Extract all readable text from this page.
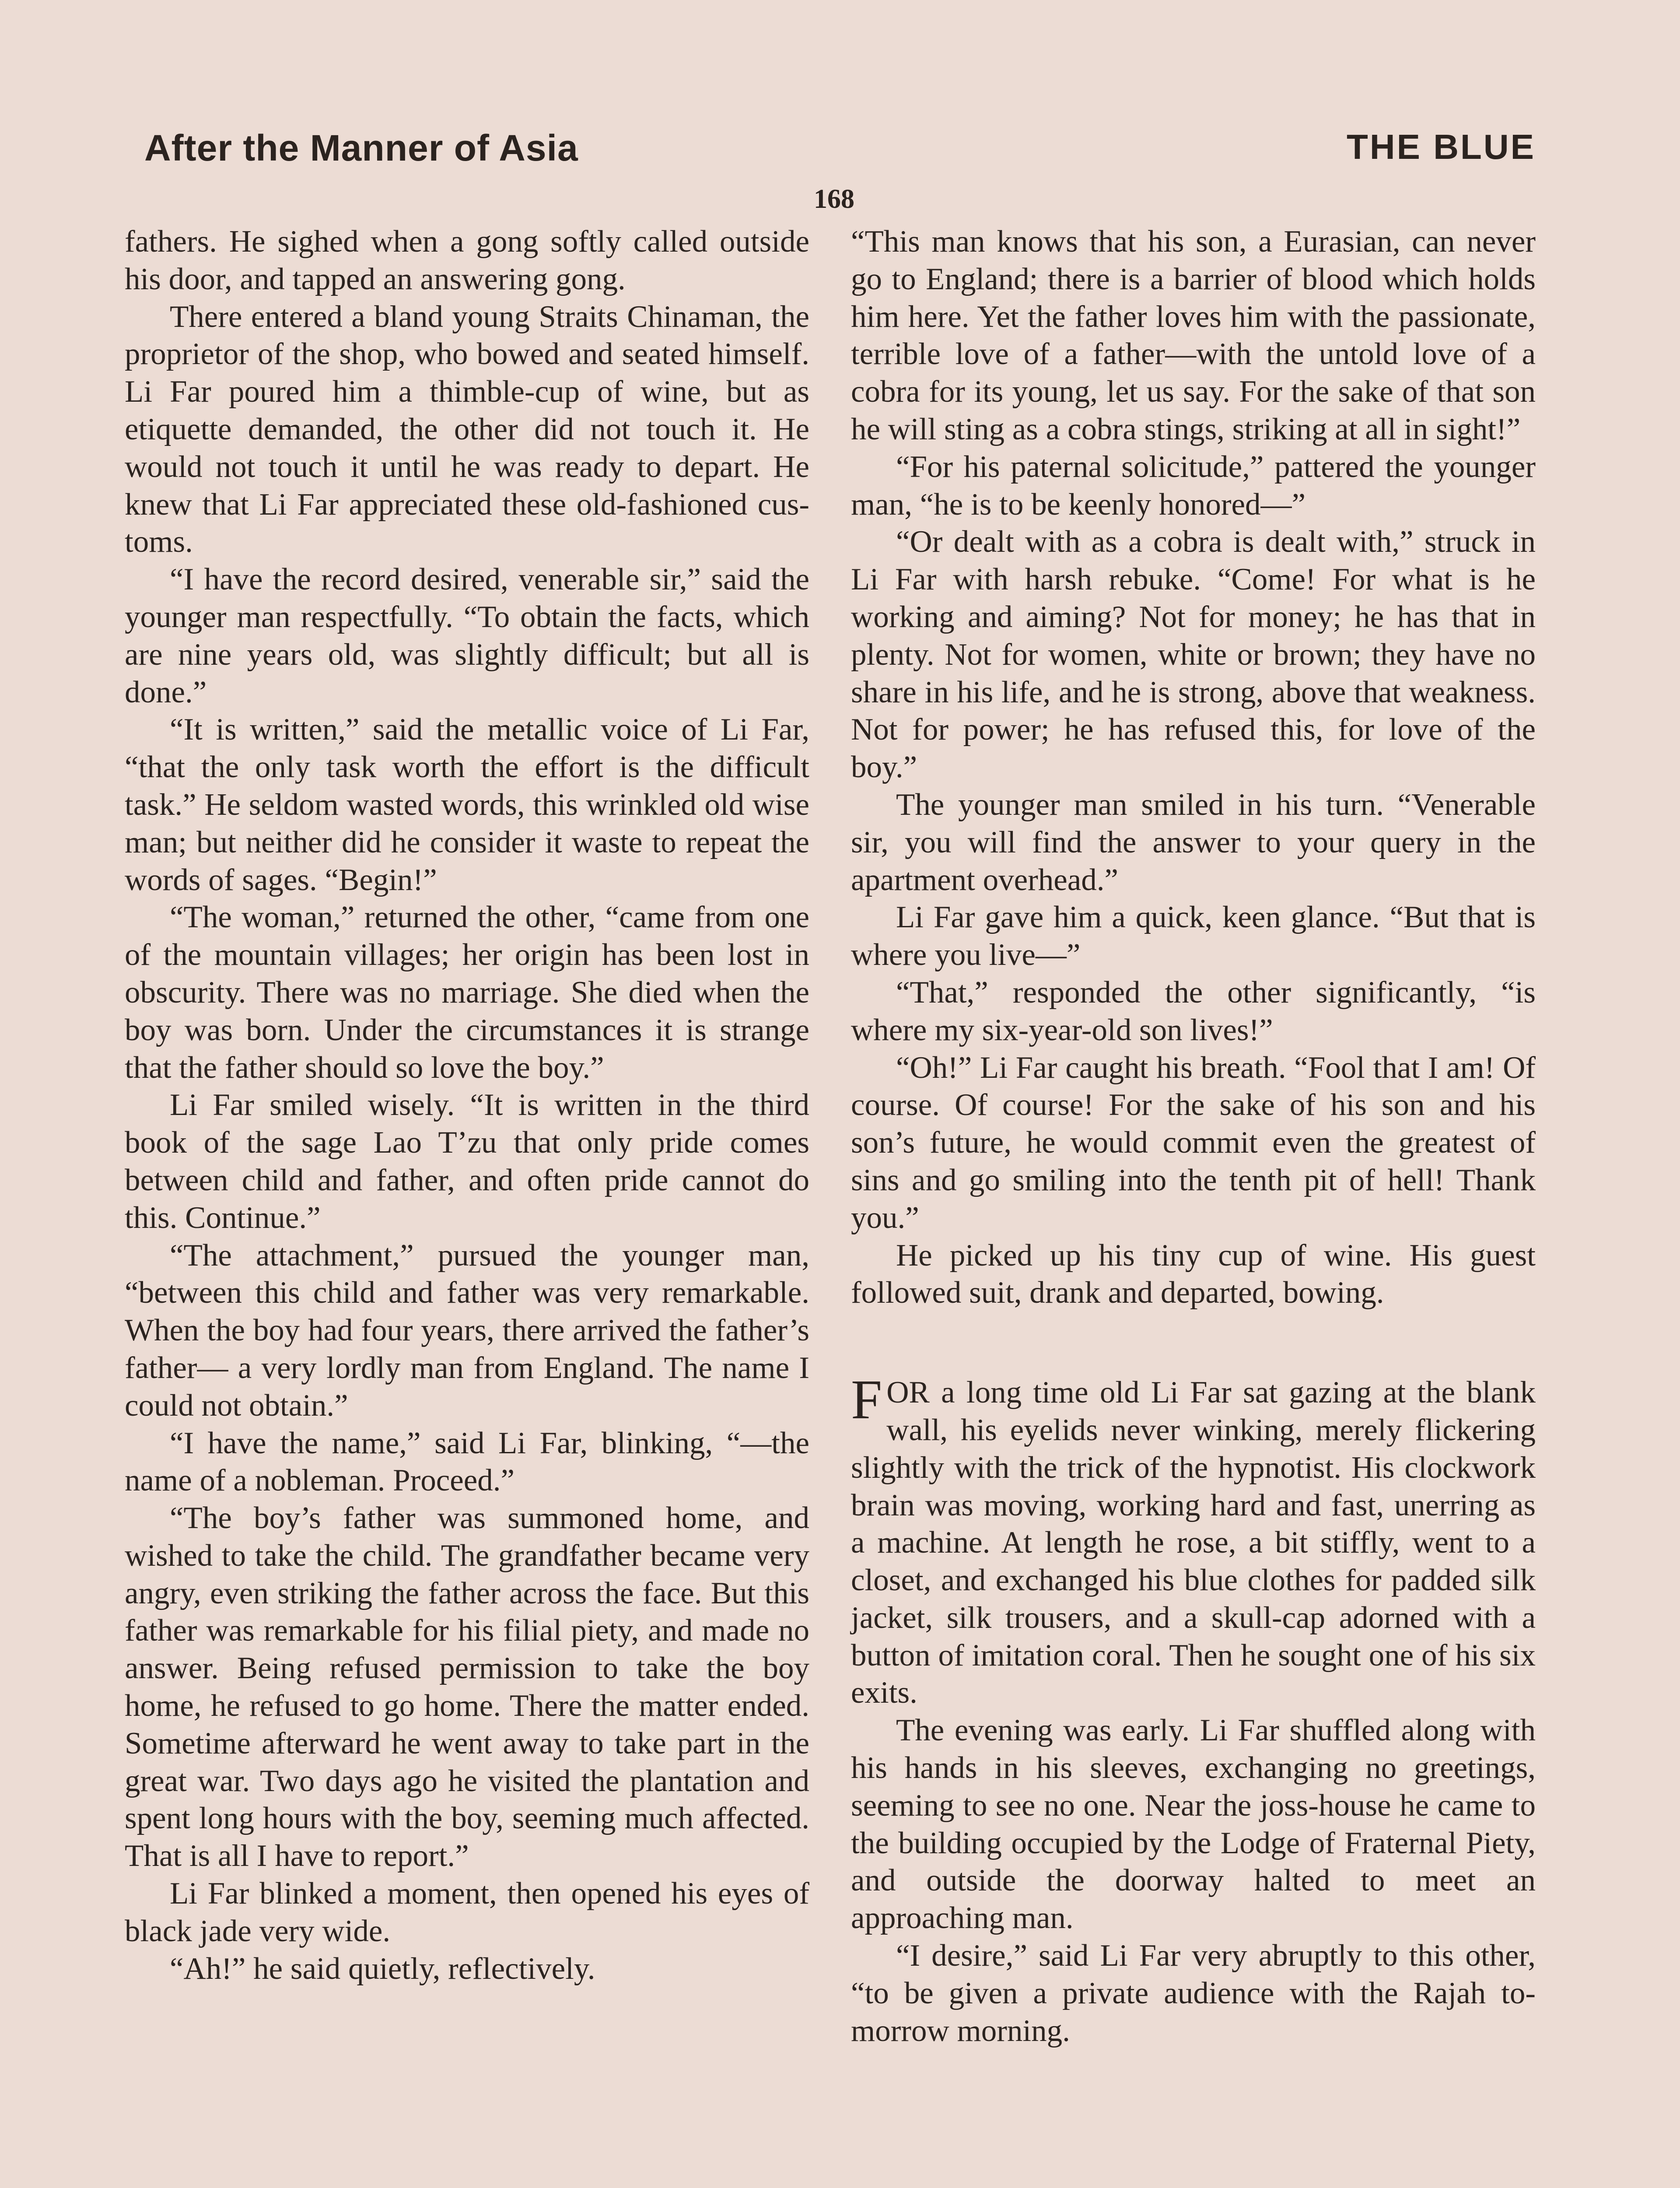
After the Manner of Asia	THE BLUE
168

fathers. He sighed when a gong softly called outside his door, and tapped an answering gong.

There entered a bland young Straits Chinaman, the proprietor of the shop, who bowed and seated himself. Li Far poured him a thimble-cup of wine, but as etiquette demanded, the other did not touch it. He would not touch it until he was ready to depart. He knew that Li Far appreciated these old-fashioned customs.

“I have the record desired, venerable sir,” said the younger man respectfully. “To obtain the facts, which are nine years old, was slightly difficult; but all is done.”

“It is written,” said the metallic voice of Li Far, “that the only task worth the effort is the difficult task.” He seldom wasted words, this wrinkled old wise man; but neither did he consider it waste to repeat the words of sages. “Begin!”

“The woman,” returned the other, “came from one of the mountain villages; her origin has been lost in obscurity. There was no marriage. She died when the boy was born. Under the circumstances it is strange that the father should so love the boy.”

Li Far smiled wisely. “It is written in the third book of the sage Lao T’zu that only pride comes between child and father, and often pride cannot do this. Continue.”

“The attachment,” pursued the younger man, “between this child and father was very remarkable. When the boy had four years, there arrived the father’s father— a very lordly man from England. The name I could not obtain.”

“I have the name,” said Li Far, blinking, “—the name of a nobleman. Proceed.”

“The boy’s father was summoned home, and wished to take the child. The grandfather became very angry, even striking the father across the face. But this father was remarkable for his filial piety, and made no answer. Being refused permission to take the boy home, he refused to go home. There the matter ended. Sometime afterward he went away to take part in the great war. Two days ago he visited the plantation and spent long hours with the boy, seeming much affected. That is all I have to report.”

Li Far blinked a moment, then opened his eyes of black jade very wide.

“Ah!” he said quietly, reflectively.

“This man knows that his son, a Eurasian, can never go to England; there is a barrier of blood which holds him here. Yet the father loves him with the passionate, terrible love of a father—with the untold love of a cobra for its young, let us say. For the sake of that son he will sting as a cobra stings, striking at all in sight!”

“For his paternal solicitude,” pattered the younger man, “he is to be keenly honored—”

“Or dealt with as a cobra is dealt with,” struck in Li Far with harsh rebuke. “Come! For what is he working and aiming? Not for money; he has that in plenty. Not for women, white or brown; they have no share in his life, and he is strong, above that weakness. Not for power; he has refused this, for love of the boy.”

The younger man smiled in his turn. “Venerable sir, you will find the answer to your query in the apartment overhead.”

Li Far gave him a quick, keen glance. “But that is where you live—”

“That,” responded the other significantly, “is where my six-year-old son lives!”

“Oh!” Li Far caught his breath. “Fool that I am! Of course. Of course! For the sake of his son and his son’s future, he would commit even the greatest of sins and go smiling into the tenth pit of hell! Thank you.”

He picked up his tiny cup of wine. His guest followed suit, drank and departed, bowing.

FOR a long time old Li Far sat gazing at the blank wall, his eyelids never winking, merely flickering slightly with the trick of the hypnotist. His clockwork brain was moving, working hard and fast, unerring as a machine. At length he rose, a bit stiffly, went to a closet, and exchanged his blue clothes for padded silk jacket, silk trousers, and a skull-cap adorned with a button of imitation coral. Then he sought one of his six exits.

The evening was early. Li Far shuffled along with his hands in his sleeves, exchanging no greetings, seeming to see no one. Near the joss-house he came to the building occupied by the Lodge of Fraternal Piety, and outside the doorway halted to meet an approaching man.

“I desire,” said Li Far very abruptly to this other, “to be given a private audience with the Rajah to-morrow morning.
